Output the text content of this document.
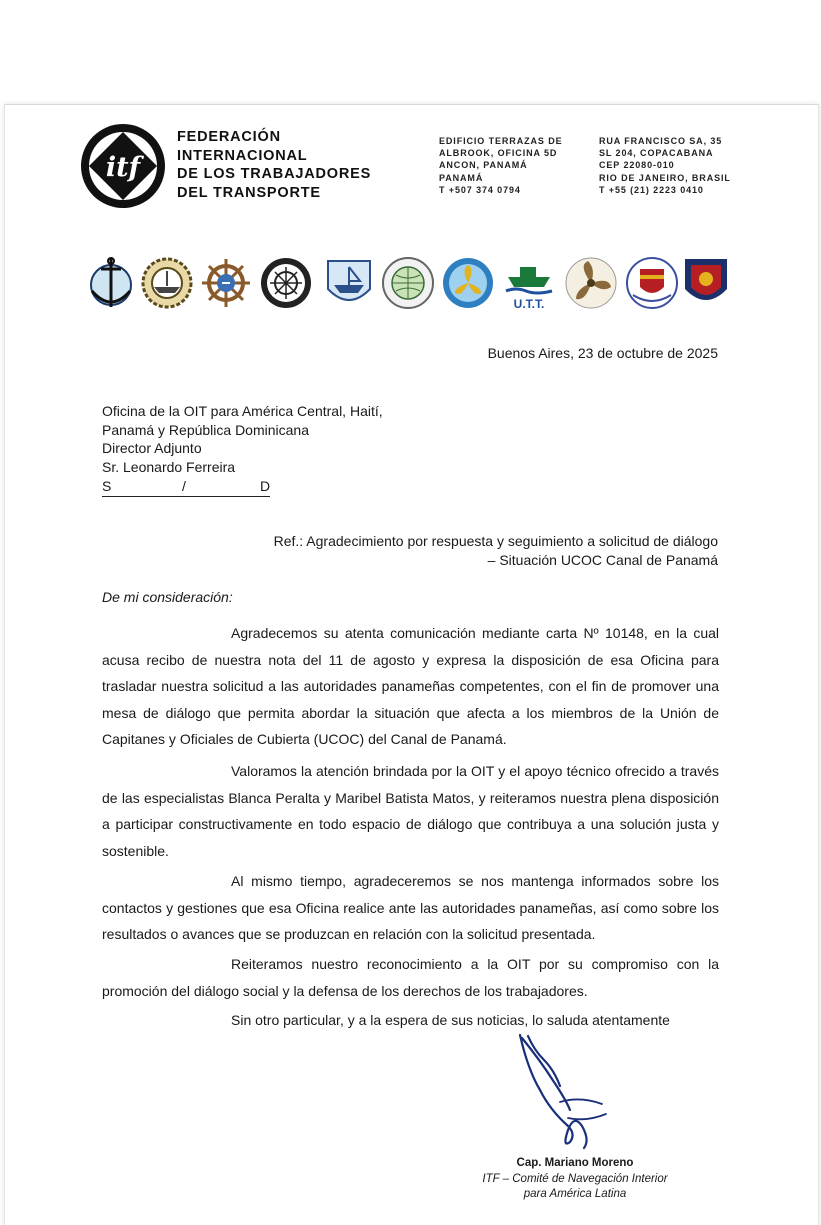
itf
FEDERACIÓN
INTERNACIONAL
DE LOS TRABAJADORES
DEL TRANSPORTE
EDIFICIO TERRAZAS DE
ALBROOK, OFICINA 5D
ANCON, PANAMÁ
PANAMÁ
T +507 374 0794
RUA FRANCISCO SA, 35
SL 204, COPACABANA
CEP 22080-010
RIO DE JANEIRO, BRASIL
T +55 (21) 2223 0410
U.T.T.
Buenos Aires, 23 de octubre de 2025
Oficina de la OIT para América Central, Haití,
Panamá y República Dominicana
Director Adjunto
Sr. Leonardo Ferreira
S	/	D
Ref.: Agradecimiento por respuesta y seguimiento a solicitud de diálogo
– Situación UCOC Canal de Panamá
De mi consideración:

Agradecemos su atenta comunicación mediante carta Nº 10148, en la cual acusa recibo de nuestra nota del 11 de agosto y expresa la disposición de esa Oficina para trasladar nuestra solicitud a las autoridades panameñas competentes, con el fin de promover una mesa de diálogo que permita abordar la situación que afecta a los miembros de la Unión de Capitanes y Oficiales de Cubierta (UCOC) del Canal de Panamá.

Valoramos la atención brindada por la OIT y el apoyo técnico ofrecido a través de las especialistas Blanca Peralta y Maribel Batista Matos, y reiteramos nuestra plena disposición a participar constructivamente en todo espacio de diálogo que contribuya a una solución justa y sostenible.

Al mismo tiempo, agradeceremos se nos mantenga informados sobre los contactos y gestiones que esa Oficina realice ante las autoridades panameñas, así como sobre los resultados o avances que se produzcan en relación con la solicitud presentada.

Reiteramos nuestro reconocimiento a la OIT por su compromiso con la promoción del diálogo social y la defensa de los derechos de los trabajadores.

Sin otro particular, y a la espera de sus noticias, lo saluda atentamente

Cap. Mariano Moreno
ITF – Comité de Navegación Interior
para América Latina
